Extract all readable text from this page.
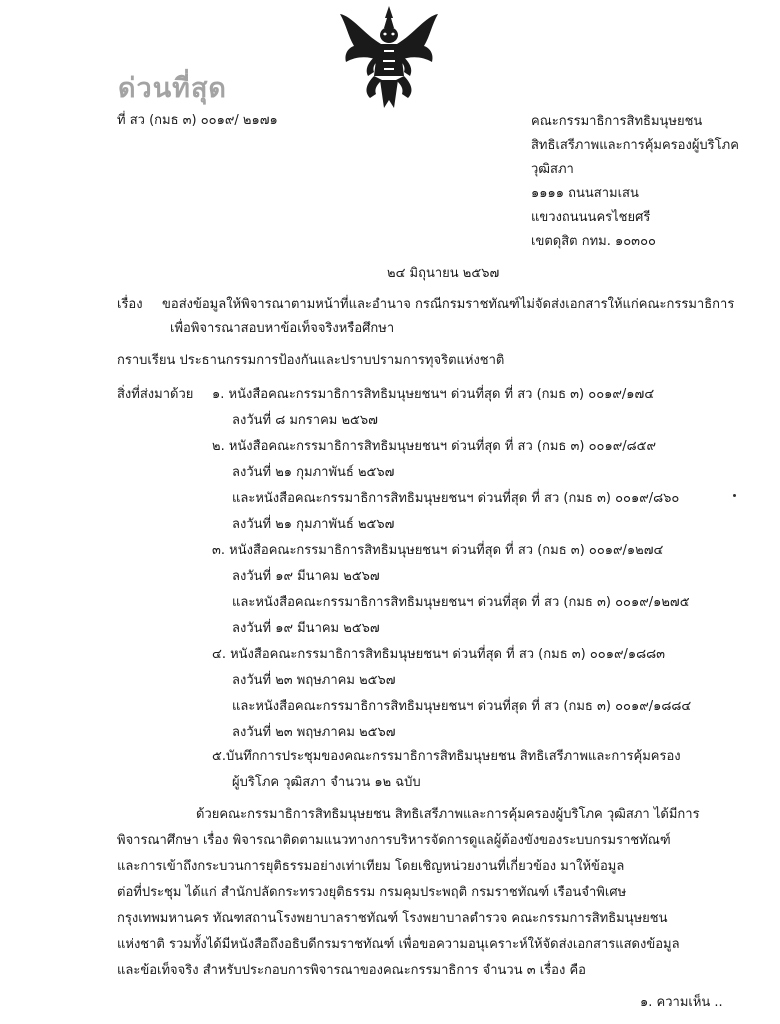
ด่วนที่สุด
ที่ สว (กมธ ๓) ๐๐๑๙/ ๒๑๗๑	คณะกรรมาธิการสิทธิมนุษยชน
สิทธิเสรีภาพและการคุ้มครองผู้บริโภค
วุฒิสภา
๑๑๑๑ ถนนสามเสน
แขวงถนนนครไชยศรี
เขตดุสิต กทม. ๑๐๓๐๐
๒๔ มิถุนายน ๒๕๖๗
เรื่อง ขอส่งข้อมูลให้พิจารณาตามหน้าที่และอำนาจ กรณีกรมราชทัณฑ์ไม่จัดส่งเอกสารให้แก่คณะกรรมาธิการ
เพื่อพิจารณาสอบหาข้อเท็จจริงหรือศึกษา
กราบเรียน ประธานกรรมการป้องกันและปราบปรามการทุจริตแห่งชาติ
สิ่งที่ส่งมาด้วย ๑. หนังสือคณะกรรมาธิการสิทธิมนุษยชนฯ ด่วนที่สุด ที่ สว (กมธ ๓) ๐๐๑๙/๑๗๔
ลงวันที่ ๘ มกราคม ๒๕๖๗
๒. หนังสือคณะกรรมาธิการสิทธิมนุษยชนฯ ด่วนที่สุด ที่ สว (กมธ ๓) ๐๐๑๙/๘๕๙
ลงวันที่ ๒๑ กุมภาพันธ์ ๒๕๖๗
และหนังสือคณะกรรมาธิการสิทธิมนุษยชนฯ ด่วนที่สุด ที่ สว (กมธ ๓) ๐๐๑๙/๘๖๐
ลงวันที่ ๒๑ กุมภาพันธ์ ๒๕๖๗
๓. หนังสือคณะกรรมาธิการสิทธิมนุษยชนฯ ด่วนที่สุด ที่ สว (กมธ ๓) ๐๐๑๙/๑๒๗๔
ลงวันที่ ๑๙ มีนาคม ๒๕๖๗
และหนังสือคณะกรรมาธิการสิทธิมนุษยชนฯ ด่วนที่สุด ที่ สว (กมธ ๓) ๐๐๑๙/๑๒๗๕
ลงวันที่ ๑๙ มีนาคม ๒๕๖๗
๔. หนังสือคณะกรรมาธิการสิทธิมนุษยชนฯ ด่วนที่สุด ที่ สว (กมธ ๓) ๐๐๑๙/๑๘๘๓
ลงวันที่ ๒๓ พฤษภาคม ๒๕๖๗
และหนังสือคณะกรรมาธิการสิทธิมนุษยชนฯ ด่วนที่สุด ที่ สว (กมธ ๓) ๐๐๑๙/๑๘๘๔
ลงวันที่ ๒๓ พฤษภาคม ๒๕๖๗
๕.บันทึกการประชุมของคณะกรรมาธิการสิทธิมนุษยชน สิทธิเสรีภาพและการคุ้มครอง
ผู้บริโภค วุฒิสภา จำนวน ๑๒ ฉบับ
ด้วยคณะกรรมาธิการสิทธิมนุษยชน สิทธิเสรีภาพและการคุ้มครองผู้บริโภค วุฒิสภา ได้มีการ
พิจารณาศึกษา เรื่อง พิจารณาติดตามแนวทางการบริหารจัดการดูแลผู้ต้องขังของระบบกรมราชทัณฑ์
และการเข้าถึงกระบวนการยุติธรรมอย่างเท่าเทียม โดยเชิญหน่วยงานที่เกี่ยวข้อง มาให้ข้อมูล
ต่อที่ประชุม ได้แก่ สำนักปลัดกระทรวงยุติธรรม กรมคุมประพฤติ กรมราชทัณฑ์ เรือนจำพิเศษ
กรุงเทพมหานคร ทัณฑสถานโรงพยาบาลราชทัณฑ์ โรงพยาบาลตำรวจ คณะกรรมการสิทธิมนุษยชน
แห่งชาติ รวมทั้งได้มีหนังสือถึงอธิบดีกรมราชทัณฑ์ เพื่อขอความอนุเคราะห์ให้จัดส่งเอกสารแสดงข้อมูล
และข้อเท็จจริง สำหรับประกอบการพิจารณาของคณะกรรมาธิการ จำนวน ๓ เรื่อง คือ
๑. ความเห็น ..
